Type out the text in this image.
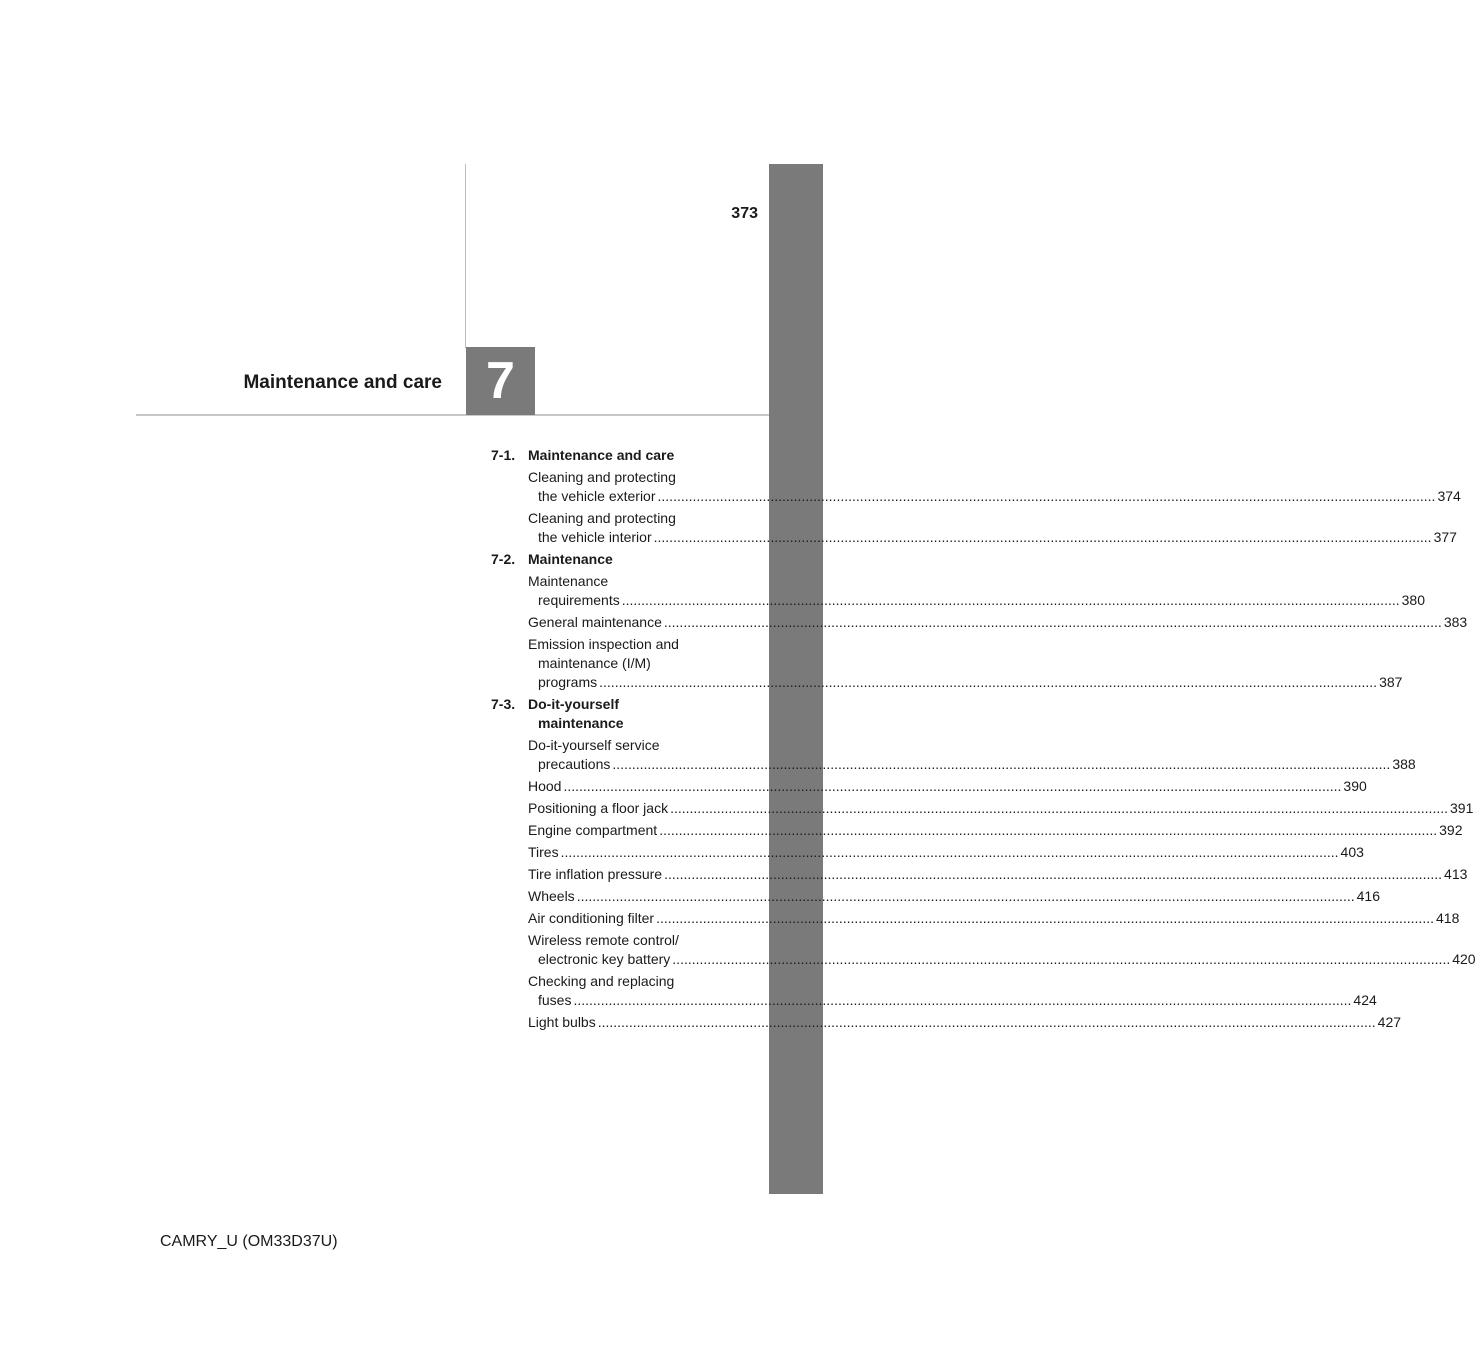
373
Maintenance and care 7
7-1. Maintenance and care
Cleaning and protecting
the vehicle exterior ........................................................................................................................................................................................................ 374
Cleaning and protecting
the vehicle interior ........................................................................................................................................................................................................ 377
7-2. Maintenance
Maintenance
requirements ........................................................................................................................................................................................................ 380
General maintenance ........................................................................................................................................................................................................ 383
Emission inspection and
maintenance (I/M)
programs ........................................................................................................................................................................................................ 387
7-3. Do-it-yourself
maintenance
Do-it-yourself service
precautions ........................................................................................................................................................................................................ 388
Hood ........................................................................................................................................................................................................ 390
Positioning a floor jack ........................................................................................................................................................................................................ 391
Engine compartment ........................................................................................................................................................................................................ 392
Tires ........................................................................................................................................................................................................ 403
Tire inflation pressure ........................................................................................................................................................................................................ 413
Wheels ........................................................................................................................................................................................................ 416
Air conditioning filter ........................................................................................................................................................................................................ 418
Wireless remote control/
electronic key battery ........................................................................................................................................................................................................ 420
Checking and replacing
fuses ........................................................................................................................................................................................................ 424
Light bulbs ........................................................................................................................................................................................................ 427
CAMRY_U (OM33D37U)
